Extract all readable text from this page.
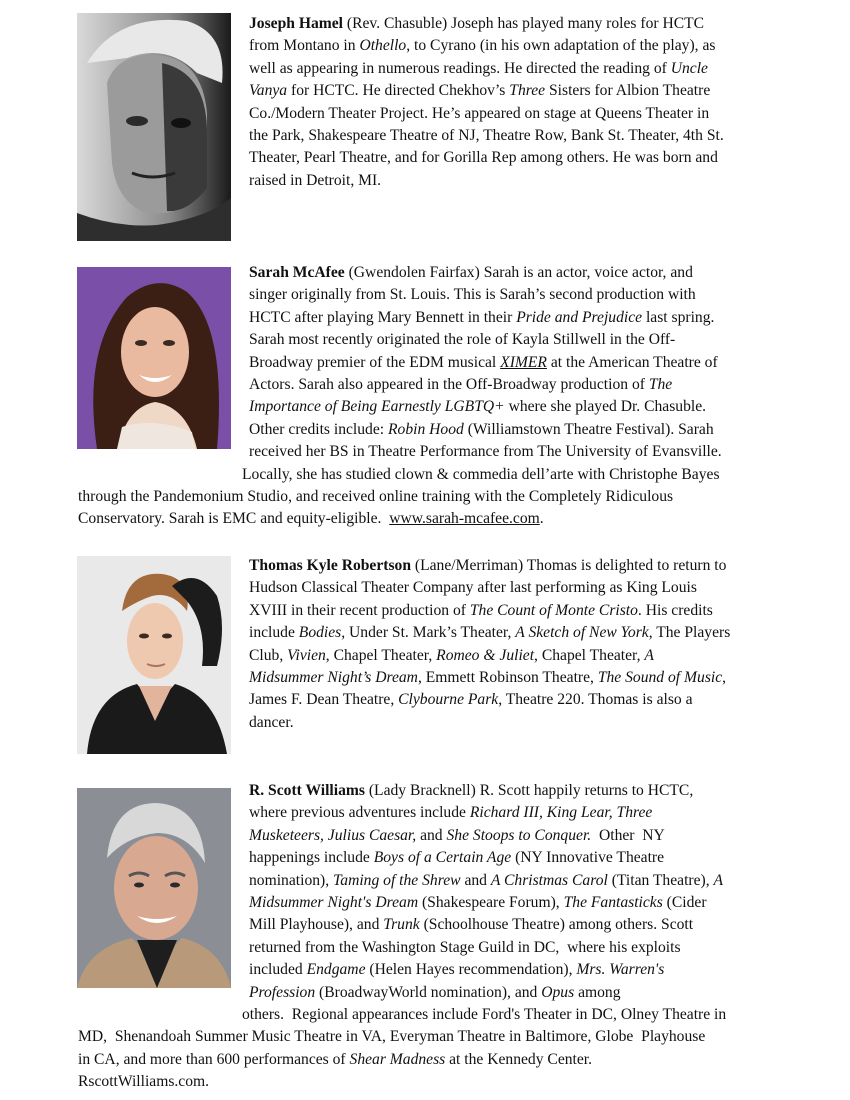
Joseph Hamel (Rev. Chasuble) Joseph has played many roles for HCTC
from Montano in Othello, to Cyrano (in his own adaptation of the play), as
well as appearing in numerous readings. He directed the reading of Uncle
Vanya for HCTC. He directed Chekhov’s Three Sisters for Albion Theatre
Co./Modern Theater Project. He’s appeared on stage at Queens Theater in
the Park, Shakespeare Theatre of NJ, Theatre Row, Bank St. Theater, 4th St.
Theater, Pearl Theatre, and for Gorilla Rep among others. He was born and
raised in Detroit, MI.
Sarah McAfee (Gwendolen Fairfax) Sarah is an actor, voice actor, and
singer originally from St. Louis. This is Sarah’s second production with
HCTC after playing Mary Bennett in their Pride and Prejudice last spring.
Sarah most recently originated the role of Kayla Stillwell in the Off-
Broadway premier of the EDM musical XIMER at the American Theatre of
Actors. Sarah also appeared in the Off-Broadway production of The
Importance of Being Earnestly LGBTQ+ where she played Dr. Chasuble.
Other credits include: Robin Hood (Williamstown Theatre Festival). Sarah
received her BS in Theatre Performance from The University of Evansville.
Locally, she has studied clown & commedia dell’arte with Christophe Bayes
through the Pandemonium Studio, and received online training with the Completely Ridiculous
Conservatory. Sarah is EMC and equity-eligible.  www.sarah-mcafee.com.
Thomas Kyle Robertson (Lane/Merriman) Thomas is delighted to return to
Hudson Classical Theater Company after last performing as King Louis
XVIII in their recent production of The Count of Monte Cristo. His credits
include Bodies, Under St. Mark’s Theater, A Sketch of New York, The Players
Club, Vivien, Chapel Theater, Romeo & Juliet, Chapel Theater, A
Midsummer Night’s Dream, Emmett Robinson Theatre, The Sound of Music,
James F. Dean Theatre, Clybourne Park, Theatre 220. Thomas is also a
dancer.
R. Scott Williams (Lady Bracknell) R. Scott happily returns to HCTC,
where previous adventures include Richard III, King Lear, Three
Musketeers, Julius Caesar, and She Stoops to Conquer.  Other  NY
happenings include Boys of a Certain Age (NY Innovative Theatre
nomination), Taming of the Shrew and A Christmas Carol (Titan Theatre), A
Midsummer Night's Dream (Shakespeare Forum), The Fantasticks (Cider
Mill Playhouse), and Trunk (Schoolhouse Theatre) among others. Scott
returned from the Washington Stage Guild in DC,  where his exploits
included Endgame (Helen Hayes recommendation), Mrs. Warren's
Profession (BroadwayWorld nomination), and Opus among
others.  Regional appearances include Ford's Theater in DC, Olney Theatre in
MD,  Shenandoah Summer Music Theatre in VA, Everyman Theatre in Baltimore, Globe  Playhouse
in CA, and more than 600 performances of Shear Madness at the Kennedy Center.
RscottWilliams.com.
